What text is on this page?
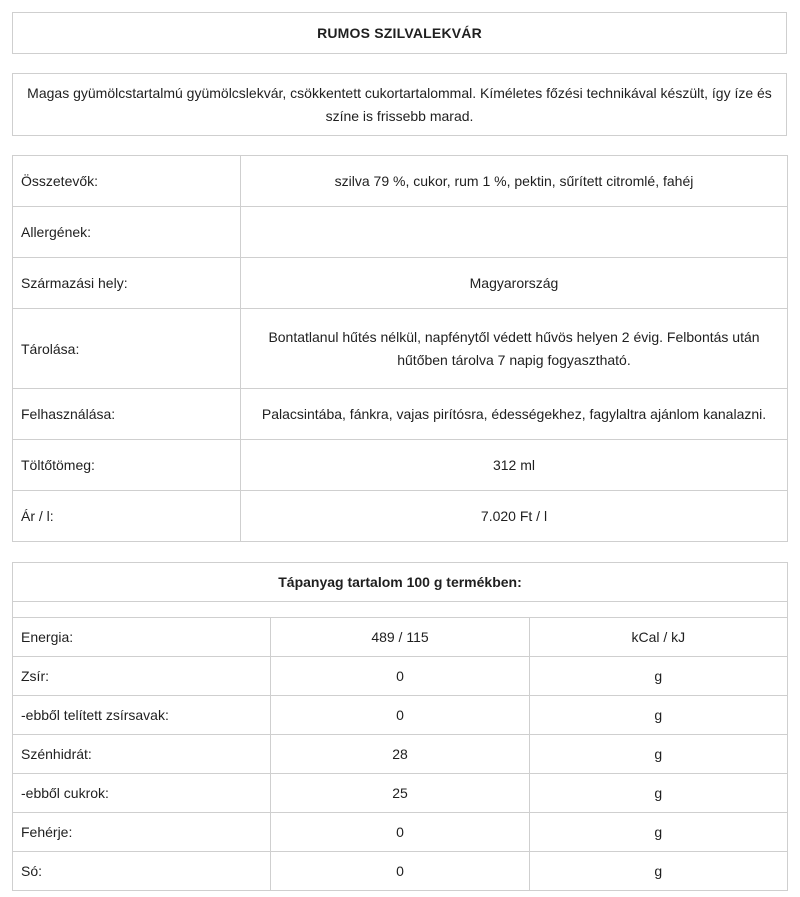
RUMOS SZILVALEKVÁR
Magas gyümölcstartalmú gyümölcslekvár, csökkentett cukortartalommal. Kíméletes főzési technikával készült, így íze és színe is frissebb marad.
Összetevők:	szilva 79 %, cukor, rum 1 %, pektin, sűrített citromlé, fahéj
Allergének:	
Származási hely:	Magyarország
Tárolása:	Bontatlanul hűtés nélkül, napfénytől védett hűvös helyen 2 évig. Felbontás után hűtőben tárolva 7 napig fogyasztható.
Felhasználása:	Palacsintába, fánkra, vajas pirítósra, édességekhez, fagylaltra ajánlom kanalazni.
Töltőtömeg:	312 ml
Ár / l:	7.020 Ft / l
Tápanyag tartalom 100 g termékben:		

Energia:	489 / 115	kCal / kJ
Zsír:	0	g
-ebből telített zsírsavak:	0	g
Szénhidrát:	28	g
-ebből cukrok:	25	g
Fehérje:	0	g
Só:	0	g
